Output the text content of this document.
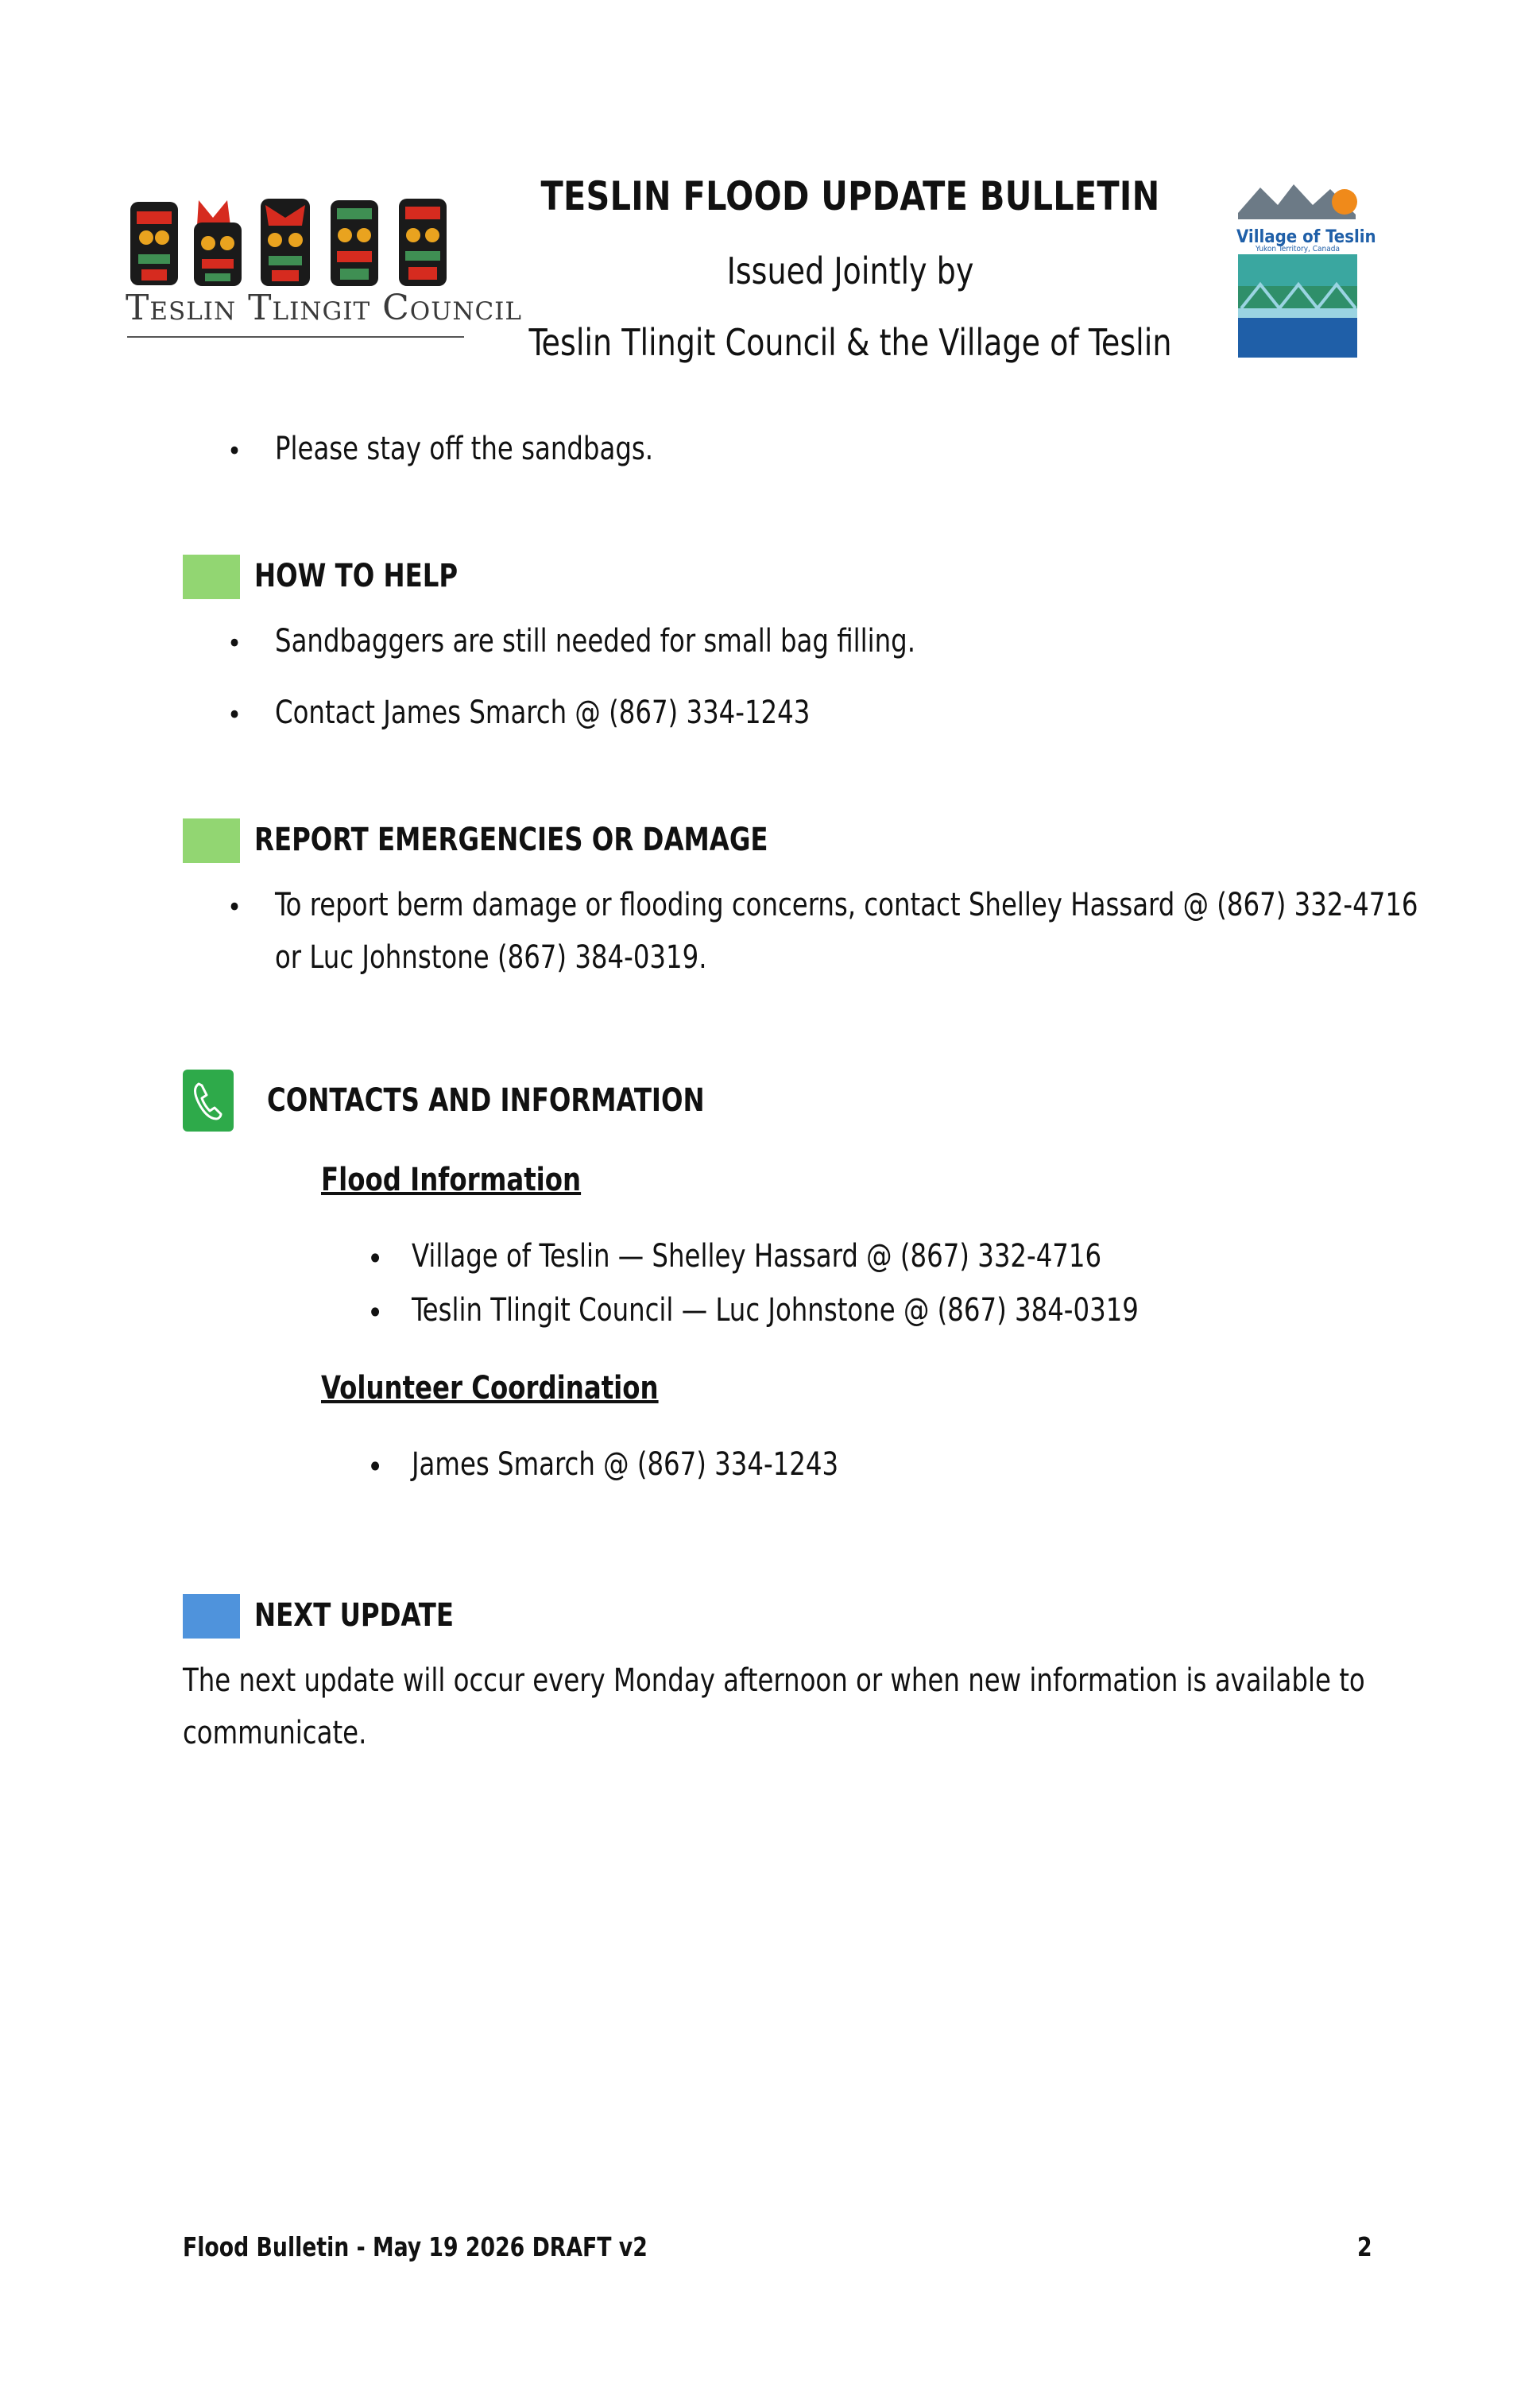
Teslin Tlingit Council
TESLIN FLOOD UPDATE BULLETIN
Issued Jointly by
Teslin Tlingit Council & the Village of Teslin
Village of Teslin
Yukon Territory, Canada
• Please stay off the sandbags.
HOW TO HELP
• Sandbaggers are still needed for small bag filling.
• Contact James Smarch @ (867) 334-1243
REPORT EMERGENCIES OR DAMAGE
• To report berm damage or flooding concerns, contact Shelley Hassard @ (867) 332-4716
or Luc Johnstone (867) 384-0319.
CONTACTS AND INFORMATION
Flood Information
• Village of Teslin — Shelley Hassard @ (867) 332-4716
• Teslin Tlingit Council — Luc Johnstone @ (867) 384-0319
Volunteer Coordination
• James Smarch @ (867) 334-1243
NEXT UPDATE
The next update will occur every Monday afternoon or when new information is available to
communicate.
Flood Bulletin - May 19 2026 DRAFT v2	2
